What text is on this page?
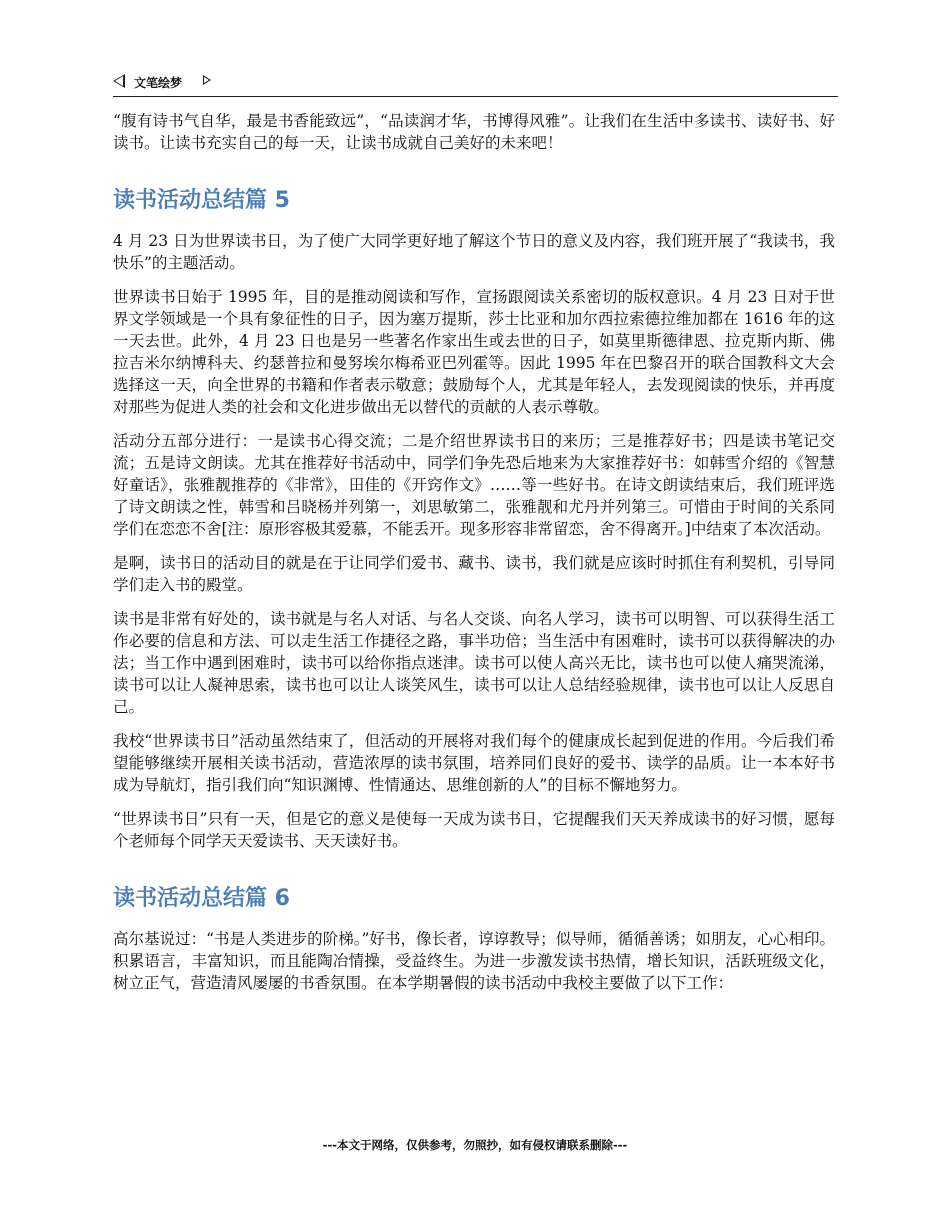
文笔绘梦

“腹有诗书气自华，最是书香能致远”，“品读润才华，书博得风雅”。让我们在生活中多读书、读好书、好读书。让读书充实自己的每一天，让读书成就自己美好的未来吧！

读书活动总结篇 5

4 月 23 日为世界读书日，为了使广大同学更好地了解这个节日的意义及内容，我们班开展了“我读书，我快乐”的主题活动。

世界读书日始于 1995 年，目的是推动阅读和写作，宣扬跟阅读关系密切的版权意识。4 月 23 日对于世界文学领域是一个具有象征性的日子，因为塞万提斯，莎士比亚和加尔西拉索德拉维加都在 1616 年的这一天去世。此外，4 月 23 日也是另一些著名作家出生或去世的日子，如莫里斯德律恩、拉克斯内斯、佛拉吉米尔纳博科夫、约瑟普拉和曼努埃尔梅希亚巴列霍等。因此 1995 年在巴黎召开的联合国教科文大会选择这一天，向全世界的书籍和作者表示敬意；鼓励每个人，尤其是年轻人，去发现阅读的快乐，并再度对那些为促进人类的社会和文化进步做出无以替代的贡献的人表示尊敬。

活动分五部分进行：一是读书心得交流；二是介绍世界读书日的来历；三是推荐好书；四是读书笔记交流；五是诗文朗读。尤其在推荐好书活动中，同学们争先恐后地来为大家推荐好书：如韩雪介绍的《智慧好童话》，张雅靓推荐的《非常》，田佳的《开窍作文》……等一些好书。在诗文朗读结束后，我们班评选了诗文朗读之性，韩雪和吕晓杨并列第一，刘思敏第二，张雅靓和尤丹并列第三。可惜由于时间的关系同学们在恋恋不舍[注：原形容极其爱慕，不能丢开。现多形容非常留恋，舍不得离开。]中结束了本次活动。

是啊，读书日的活动目的就是在于让同学们爱书、藏书、读书，我们就是应该时时抓住有利契机，引导同学们走入书的殿堂。

读书是非常有好处的，读书就是与名人对话、与名人交谈、向名人学习，读书可以明智、可以获得生活工作必要的信息和方法、可以走生活工作捷径之路，事半功倍；当生活中有困难时，读书可以获得解决的办法；当工作中遇到困难时，读书可以给你指点迷津。读书可以使人高兴无比，读书也可以使人痛哭流涕，读书可以让人凝神思索，读书也可以让人谈笑风生，读书可以让人总结经验规律，读书也可以让人反思自己。

我校“世界读书日”活动虽然结束了，但活动的开展将对我们每个的健康成长起到促进的作用。今后我们希望能够继续开展相关读书活动，营造浓厚的读书氛围，培养同们良好的爱书、读学的品质。让一本本好书成为导航灯，指引我们向“知识渊博、性情通达、思维创新的人”的目标不懈地努力。

“世界读书日”只有一天，但是它的意义是使每一天成为读书日，它提醒我们天天养成读书的好习惯，愿每个老师每个同学天天爱读书、天天读好书。

读书活动总结篇 6

高尔基说过：“书是人类进步的阶梯。”好书，像长者，谆谆教导；似导师，循循善诱；如朋友，心心相印。积累语言，丰富知识，而且能陶冶情操，受益终生。为进一步激发读书热情，增长知识，活跃班级文化，树立正气，营造清风屡屡的书香氛围。在本学期暑假的读书活动中我校主要做了以下工作：

---本文于网络，仅供参考，勿照抄，如有侵权请联系删除---
